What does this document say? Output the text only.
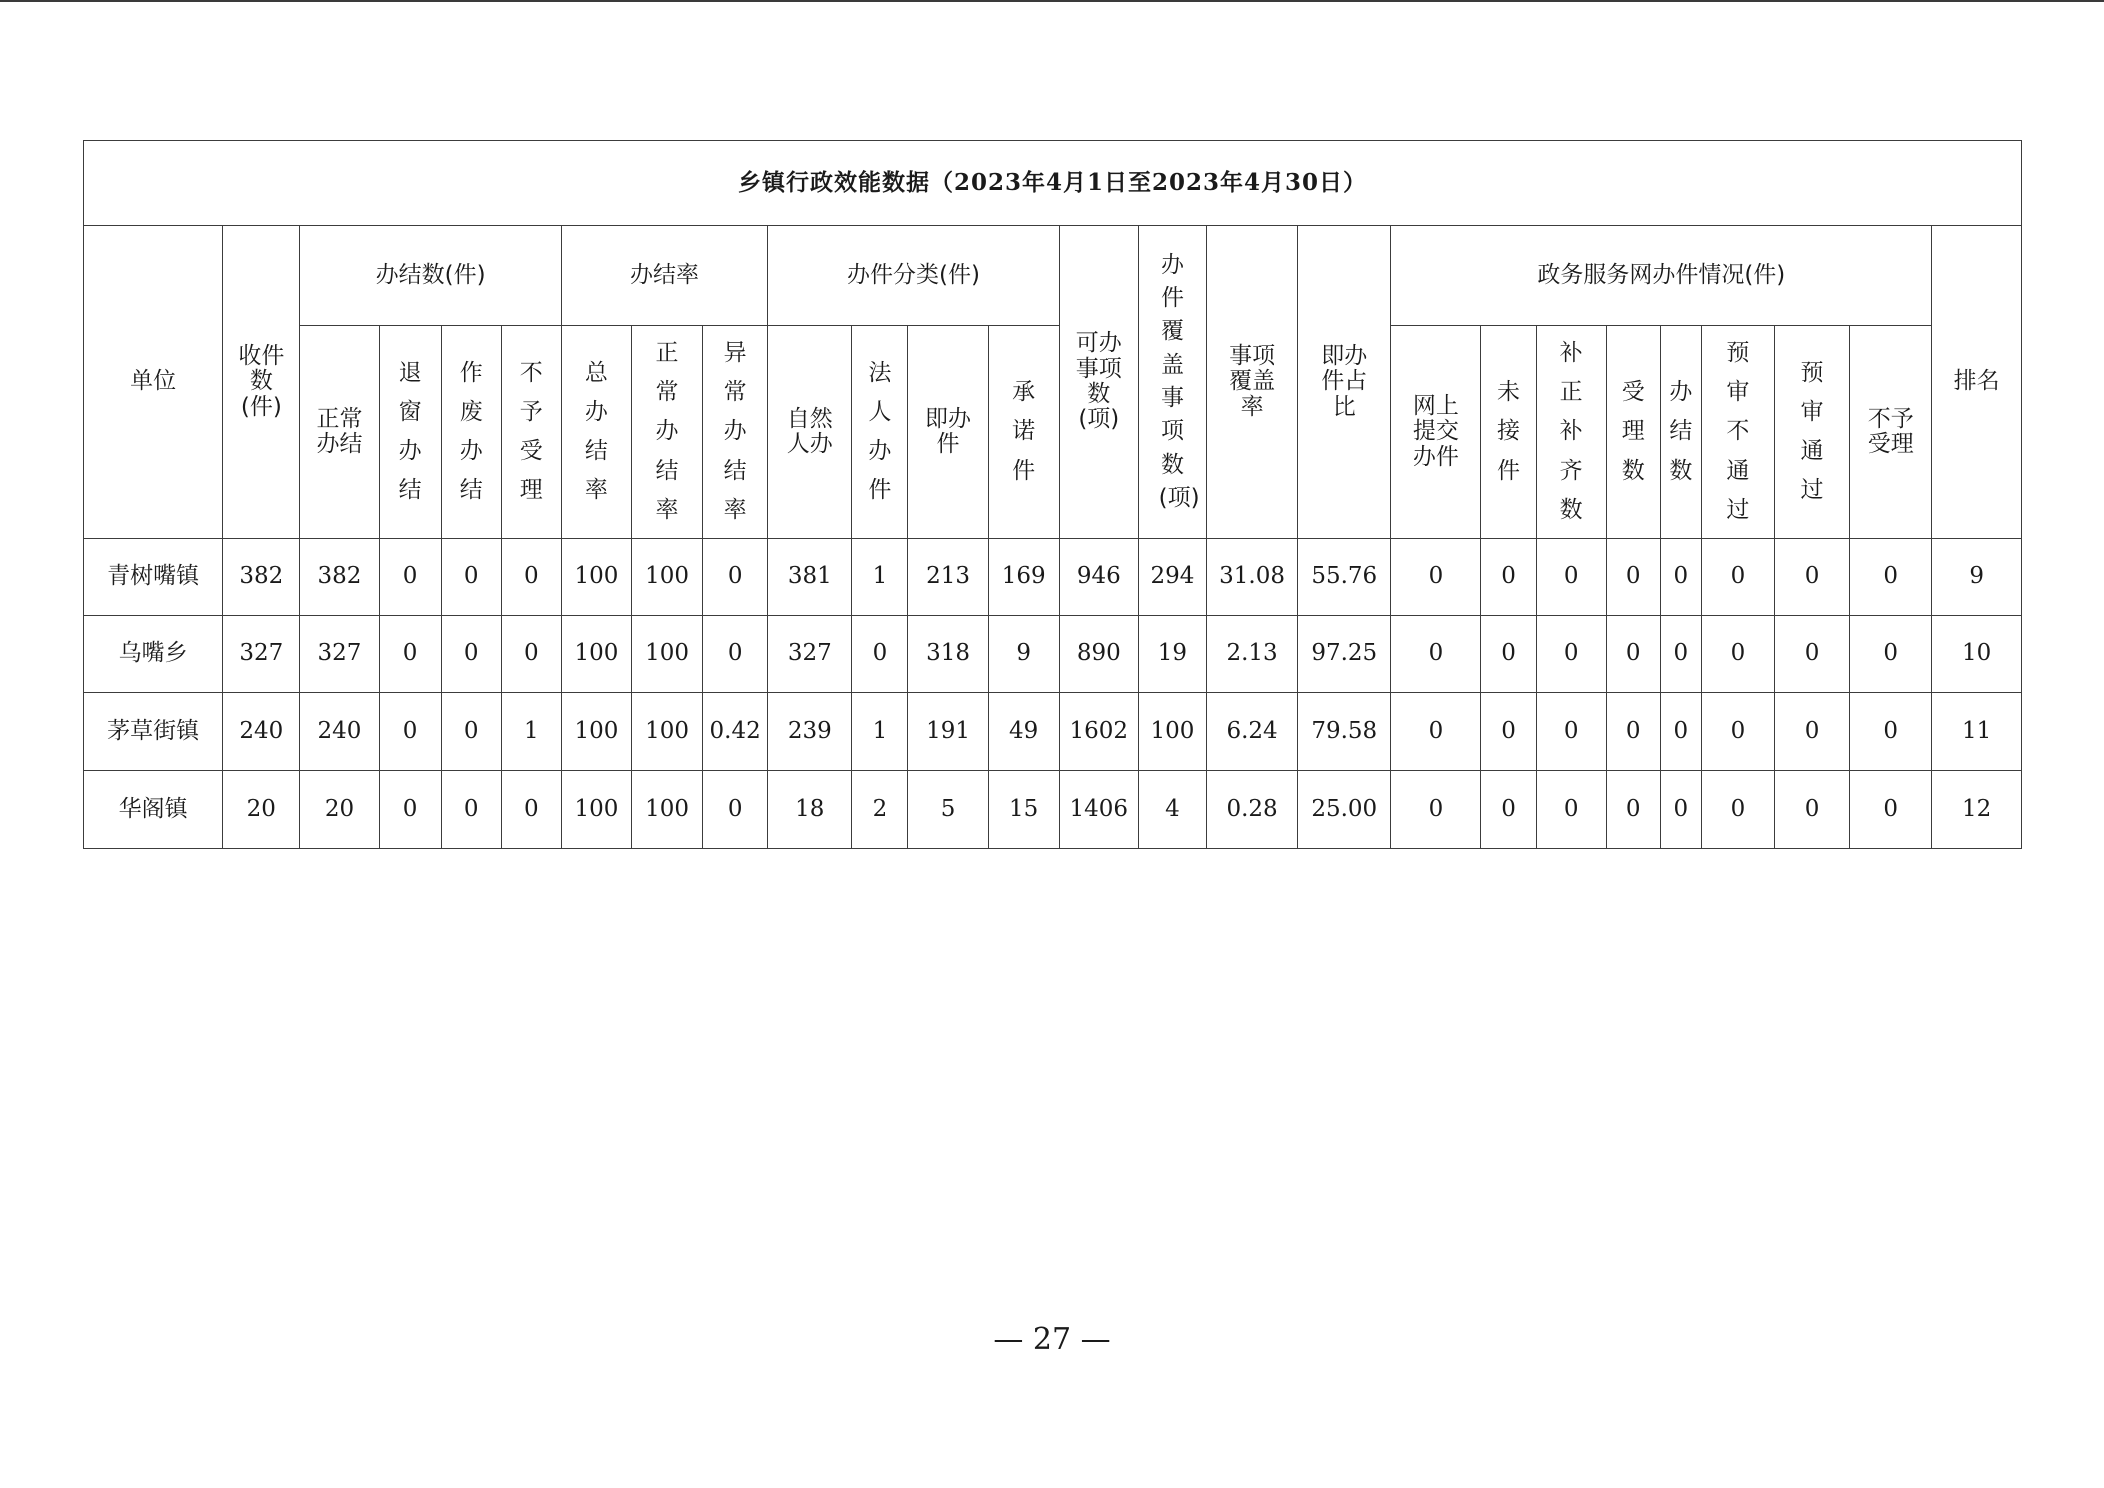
乡镇行政效能数据（2023年4月1日至2023年4月30日）																									
单位	收件数(件)	办结数(件)				办结率			办件分类(件)				可办事项数(项)	办件覆盖事项数(项)	事项覆盖率	即办件占比	政务服务网办件情况(件)								排名
		正常办结	退窗办结	作废办结	不予受理	总办结率	正常办结率	异常办结率	自然人办	法人办件	即办件	承诺件					网上提交办件	未接件	补正补齐数	受理数	办结数	预审不通过	预审通过	不予受理	
青树嘴镇	382	382	0	0	0	100	100	0	381	1	213	169	946	294	31.08	55.76	0	0	0	0	0	0	0	0	9
乌嘴乡	327	327	0	0	0	100	100	0	327	0	318	9	890	19	2.13	97.25	0	0	0	0	0	0	0	0	10
茅草街镇	240	240	0	0	1	100	100	0.42	239	1	191	49	1602	100	6.24	79.58	0	0	0	0	0	0	0	0	11
华阁镇	20	20	0	0	0	100	100	0	18	2	5	15	1406	4	0.28	25.00	0	0	0	0	0	0	0	0	12
— 27 —
